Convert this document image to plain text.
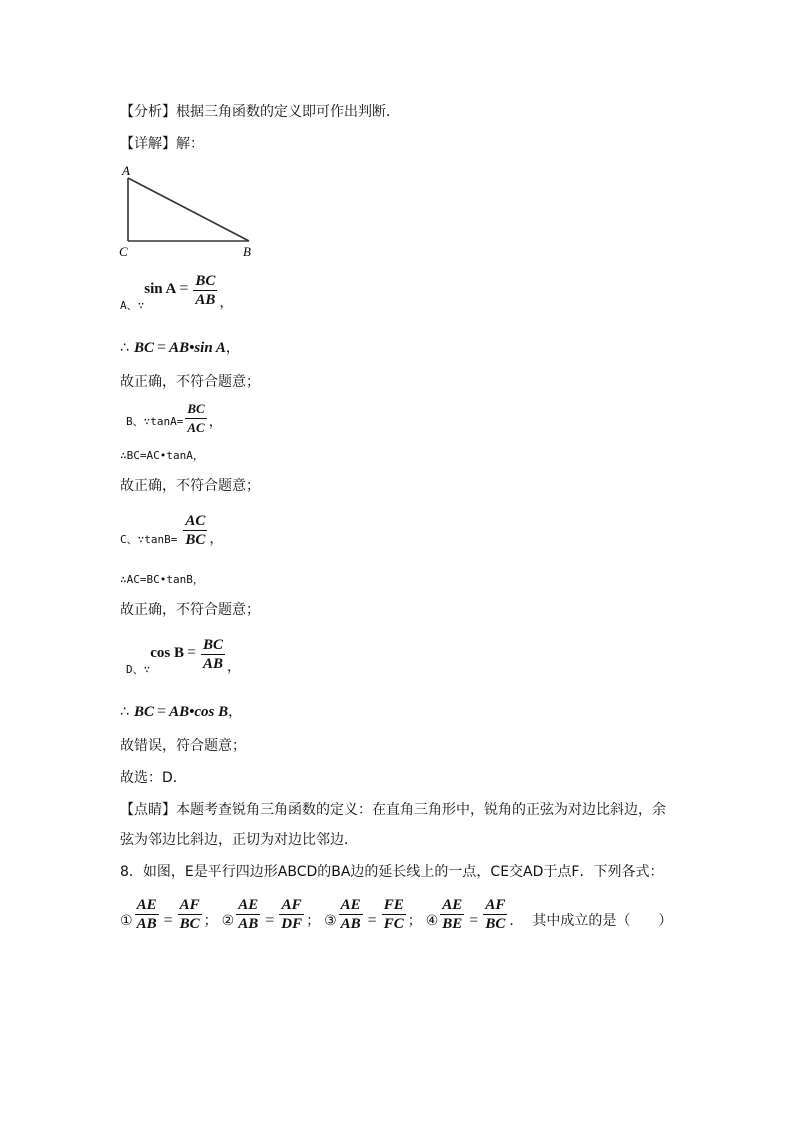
【分析】根据三角函数的定义即可作出判断．
【详解】解：
A
C	B
$_{A、\because}$sin $A = \frac{BC}{AB}$ ，
∴ BC = AB•sin A，
故正确，不符合题意；
B、∵tanA= $\frac{BC}{AC}$ ，
∴BC=AC•tanA，
故正确，不符合题意；
$_{C、\because tanB=} \frac{AC}{BC}$ ，
∴AC=BC•tanB，
故正确，不符合题意；
$_{D、\because}$cos $B = \frac{BC}{AB}$ ，
∴ BC = AB•cos B，
故错误，符合题意；
故选：D．
【点睛】本题考查锐角三角函数的定义：在直角三角形中，锐角的正弦为对边比斜边，余
弦为邻边比斜边，正切为对边比邻边．
8．如图，E是平行四边形ABCD的BA边的延长线上的一点，CE交AD于点F．下列各式：
① $\frac{AE}{AB} = \frac{AF}{BC}$ ； ② $\frac{AE}{AB} = \frac{AF}{DF}$ ； ③ $\frac{AE}{AB} = \frac{FE}{FC}$ ； ④ $\frac{AE}{BE} = \frac{AF}{BC}$ ． 其中成立的是（　　）
